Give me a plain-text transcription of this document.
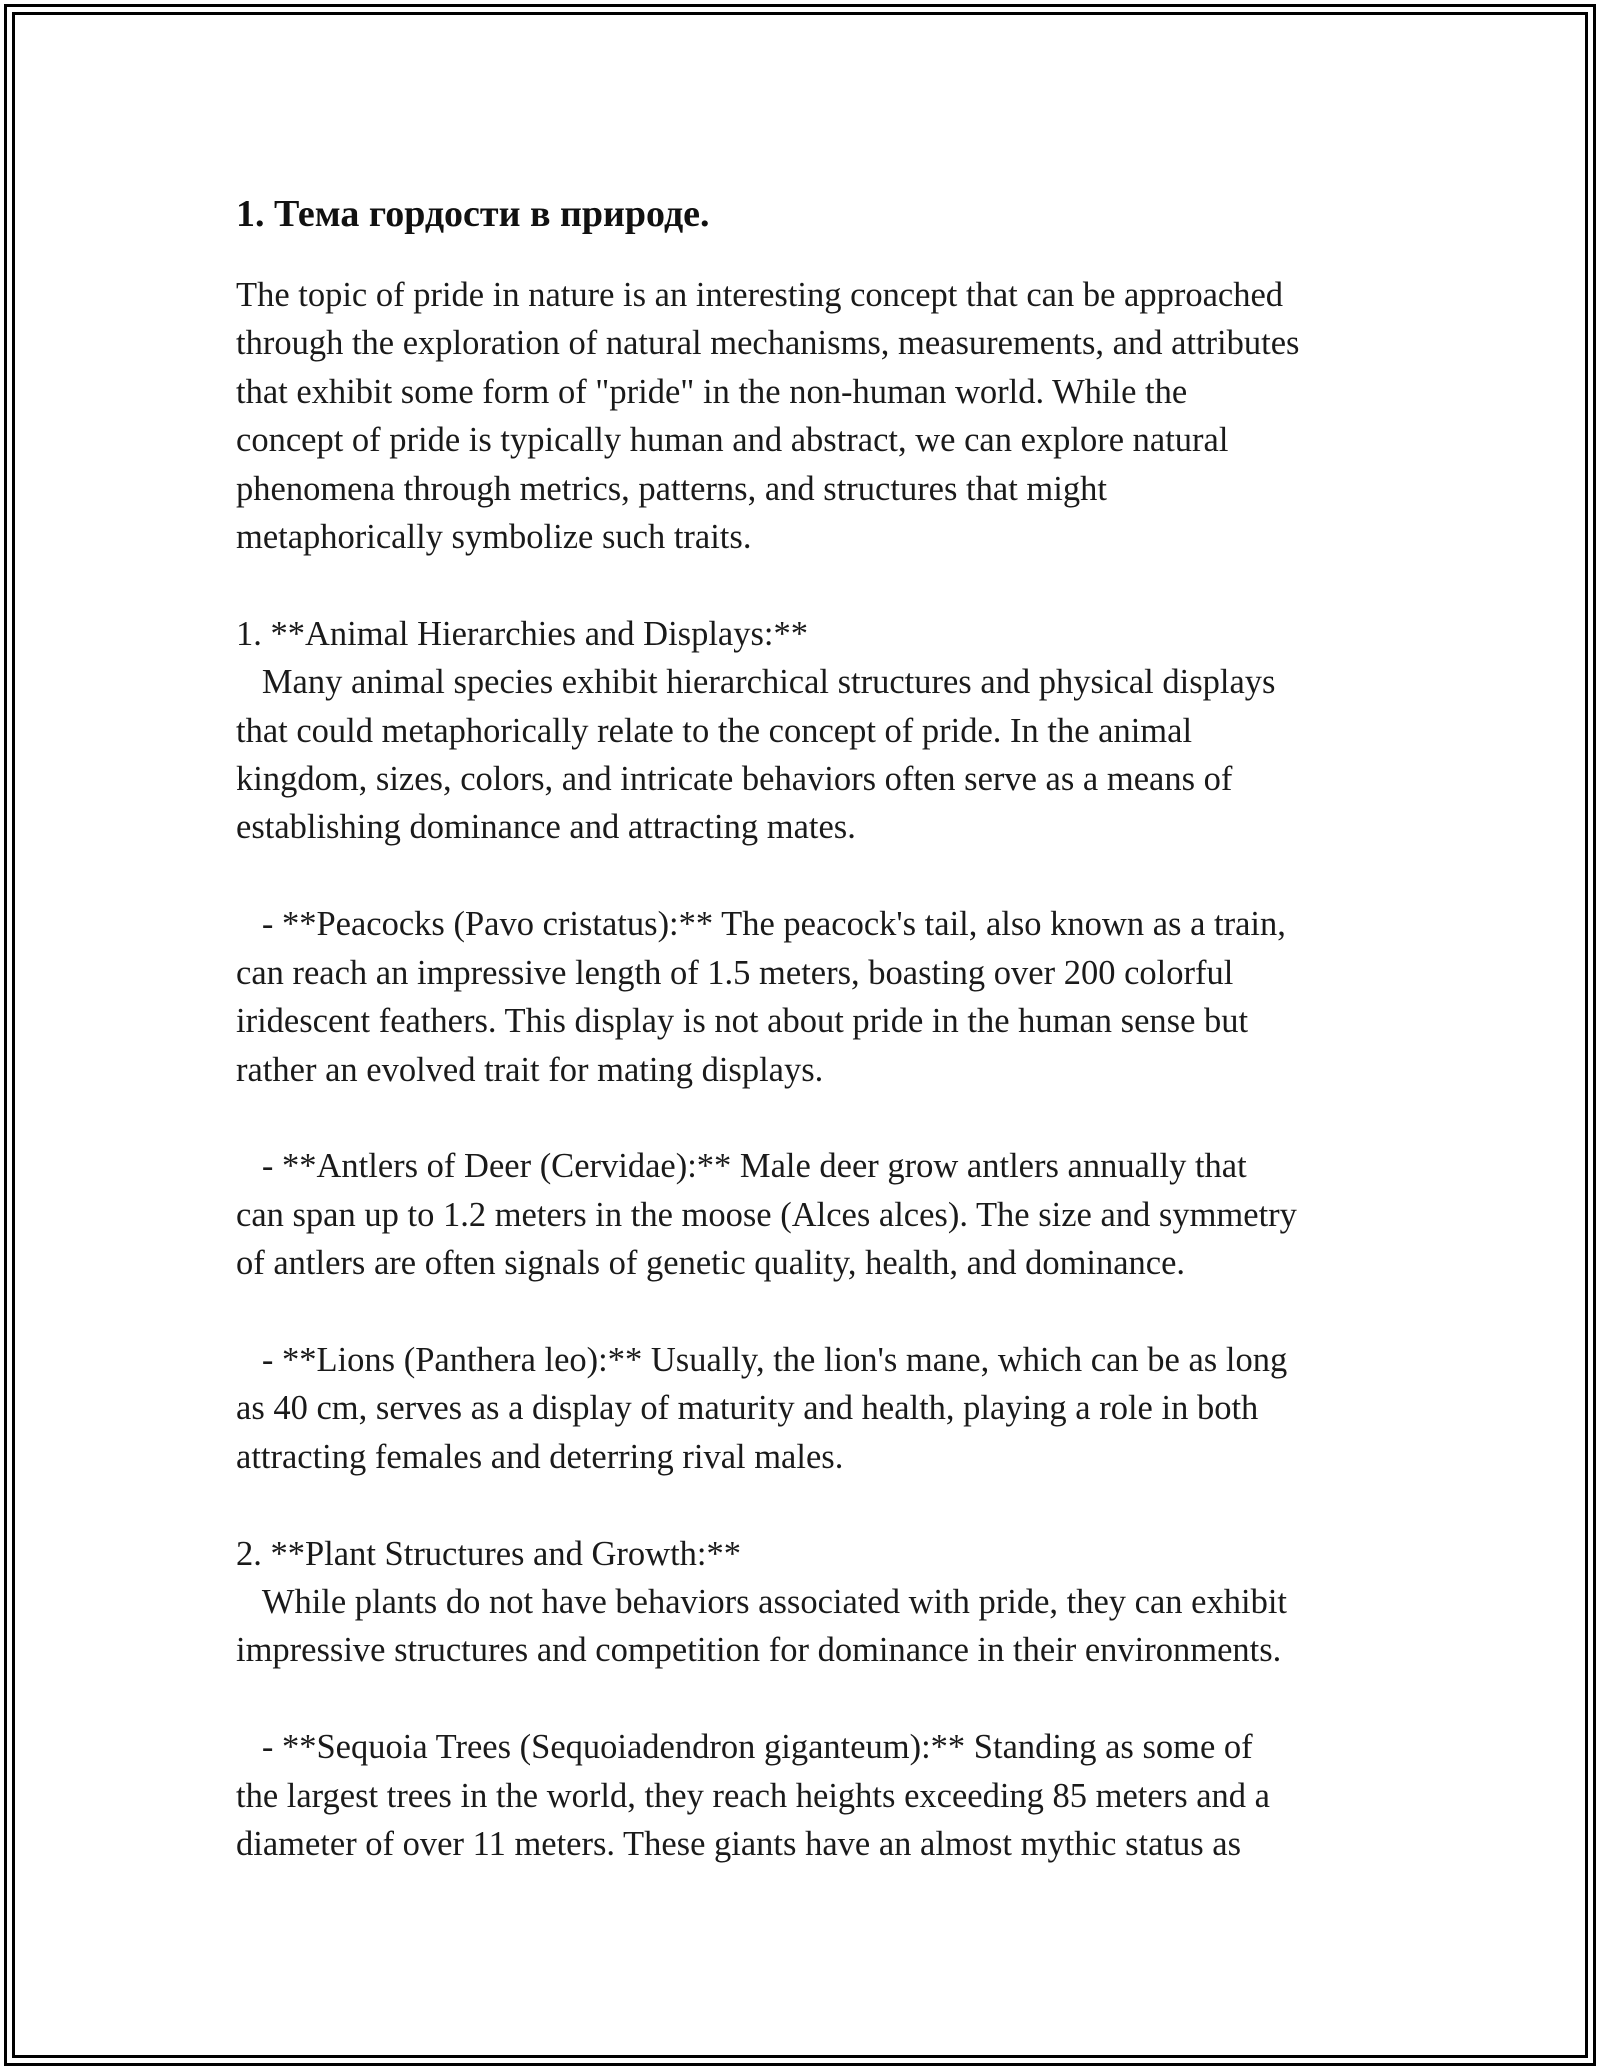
1. Тема гордости в природе.
The topic of pride in nature is an interesting concept that can be approached
through the exploration of natural mechanisms, measurements, and attributes
that exhibit some form of "pride" in the non-human world. While the
concept of pride is typically human and abstract, we can explore natural
phenomena through metrics, patterns, and structures that might
metaphorically symbolize such traits.

1. **Animal Hierarchies and Displays:**
Many animal species exhibit hierarchical structures and physical displays
that could metaphorically relate to the concept of pride. In the animal
kingdom, sizes, colors, and intricate behaviors often serve as a means of
establishing dominance and attracting mates.

- **Peacocks (Pavo cristatus):** The peacock's tail, also known as a train,
can reach an impressive length of 1.5 meters, boasting over 200 colorful
iridescent feathers. This display is not about pride in the human sense but
rather an evolved trait for mating displays.

- **Antlers of Deer (Cervidae):** Male deer grow antlers annually that
can span up to 1.2 meters in the moose (Alces alces). The size and symmetry
of antlers are often signals of genetic quality, health, and dominance.

- **Lions (Panthera leo):** Usually, the lion's mane, which can be as long
as 40 cm, serves as a display of maturity and health, playing a role in both
attracting females and deterring rival males.

2. **Plant Structures and Growth:**
While plants do not have behaviors associated with pride, they can exhibit
impressive structures and competition for dominance in their environments.

- **Sequoia Trees (Sequoiadendron giganteum):** Standing as some of
the largest trees in the world, they reach heights exceeding 85 meters and a
diameter of over 11 meters. These giants have an almost mythic status as
